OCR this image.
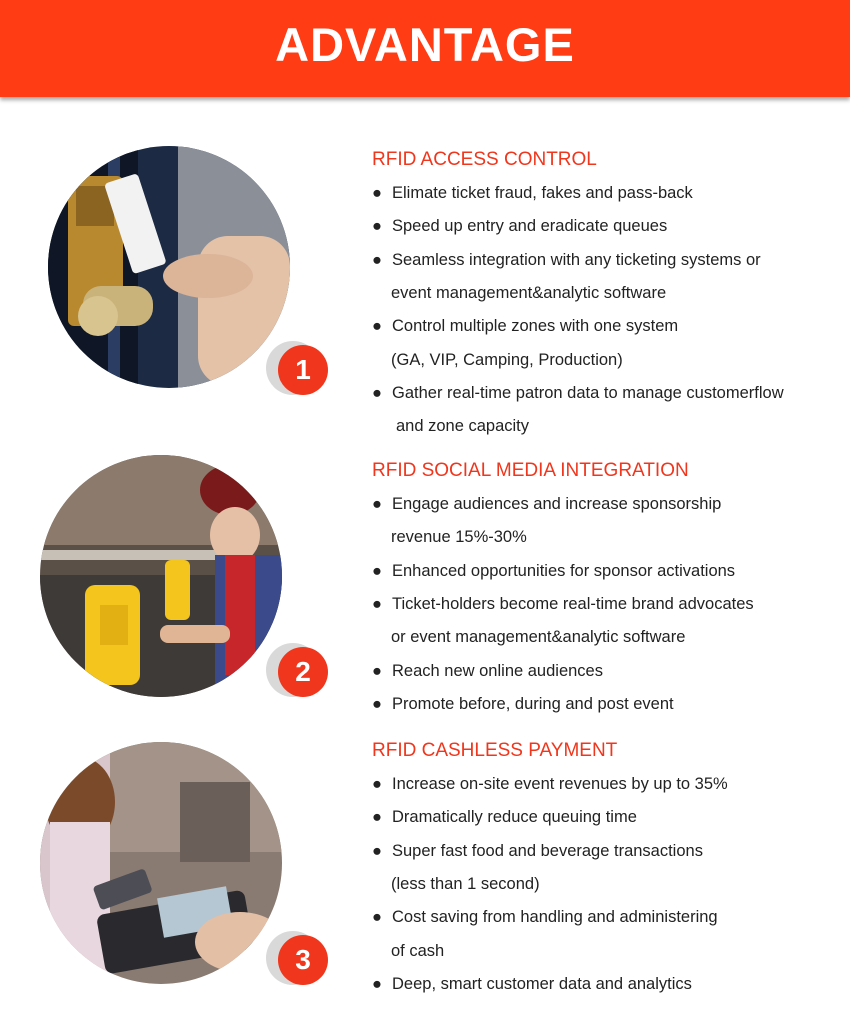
ADVANTAGE
1
RFID ACCESS CONTROL
● Elimate ticket fraud, fakes and pass-back
● Speed up entry and eradicate queues
● Seamless integration with any ticketing systems or
event management&analytic software
● Control multiple zones with one system
(GA, VIP, Camping, Production)
● Gather real-time patron data to manage customerflow
and zone capacity
2
RFID SOCIAL MEDIA INTEGRATION
● Engage audiences and increase sponsorship
revenue 15%-30%
● Enhanced opportunities for sponsor activations
● Ticket-holders become real-time brand advocates
or event management&analytic software
● Reach new online audiences
● Promote before, during and post event
3
RFID CASHLESS PAYMENT
● Increase on-site event revenues by up to 35%
● Dramatically reduce queuing time
● Super fast food and beverage transactions
(less than 1 second)
● Cost saving from handling and administering
of cash
● Deep, smart customer data and analytics
